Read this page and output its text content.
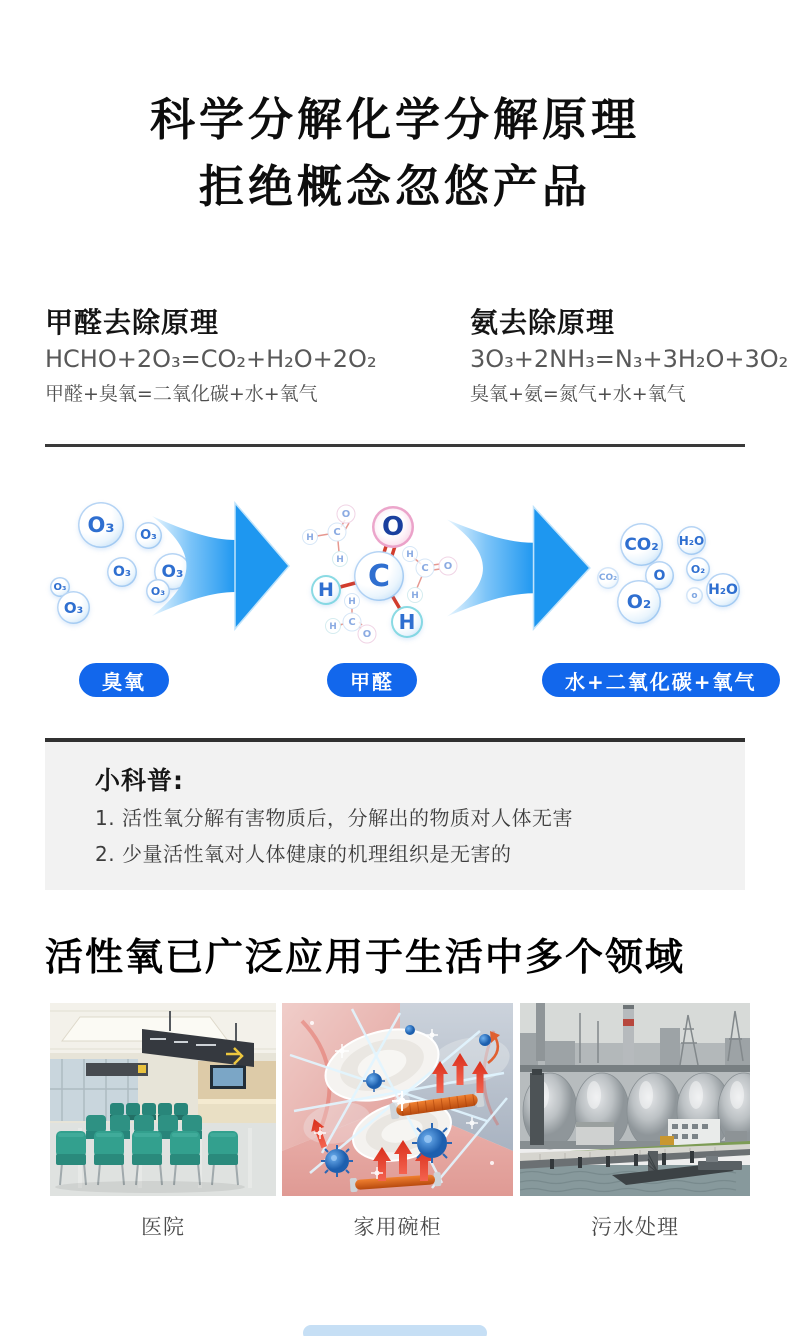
科学分解化学分解原理
拒绝概念忽悠产品
甲醛去除原理
HCHO+2O₃=CO₂+H₂O+2O₂
甲醛+臭氧=二氧化碳+水+氧气
氨去除原理
3O₃+2NH₃=N₃+3H₂O+3O₂
臭氧+氨=氮气+水+氧气
O₃	O₃
O₃	O₃
O₃
O₃
O₃
H C
O
H	H
C O
H
H
C
H
O
O
C
H
H
CO₂	H₂O
CO₂	O	O₂
O₂	o H₂O
臭氧	甲醛	水+二氧化碳+氧气
小科普:
1. 活性氧分解有害物质后，分解出的物质对人体无害
2. 少量活性氧对人体健康的机理组织是无害的
活性氧已广泛应用于生活中多个领域
医院	家用碗柜	污水处理
